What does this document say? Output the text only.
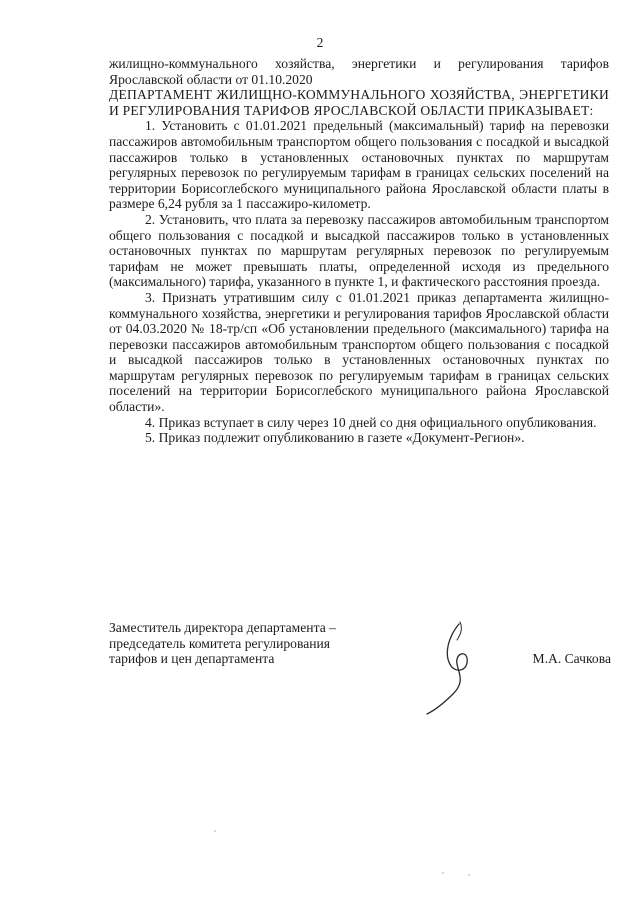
2

жилищно-коммунального хозяйства, энергетики и регулирования тарифов Ярославской области от 01.10.2020

ДЕПАРТАМЕНТ ЖИЛИЩНО-КОММУНАЛЬНОГО ХОЗЯЙСТВА, ЭНЕРГЕТИКИ И РЕГУЛИРОВАНИЯ ТАРИФОВ ЯРОСЛАВСКОЙ ОБЛАСТИ ПРИКАЗЫВАЕТ:

1. Установить с 01.01.2021 предельный (максимальный) тариф на перевозки пассажиров автомобильным транспортом общего пользования с посадкой и высадкой пассажиров только в установленных остановочных пунктах по маршрутам регулярных перевозок по регулируемым тарифам в границах сельских поселений на территории Борисоглебского муниципального района Ярославской области платы в размере 6,24 рубля за 1 пассажиро-километр.

2. Установить, что плата за перевозку пассажиров автомобильным транспортом общего пользования с посадкой и высадкой пассажиров только в установленных остановочных пунктах по маршрутам регулярных перевозок по регулируемым тарифам не может превышать платы, определенной исходя из предельного (максимального) тарифа, указанного в пункте 1, и фактического расстояния проезда.

3. Признать утратившим силу с 01.01.2021 приказ департамента жилищно-коммунального хозяйства, энергетики и регулирования тарифов Ярославской области от 04.03.2020 № 18-тр/сп «Об установлении предельного (максимального) тарифа на перевозки пассажиров автомобильным транспортом общего пользования с посадкой и высадкой пассажиров только в установленных остановочных пунктах по маршрутам регулярных перевозок по регулируемым тарифам в границах сельских поселений на территории Борисоглебского муниципального района Ярославской области».

4. Приказ вступает в силу через 10 дней со дня официального опубликования.

5. Приказ подлежит опубликованию в газете «Документ-Регион».

Заместитель директора департамента –
председатель комитета регулирования
тарифов и цен департамента	М.А. Сачкова
